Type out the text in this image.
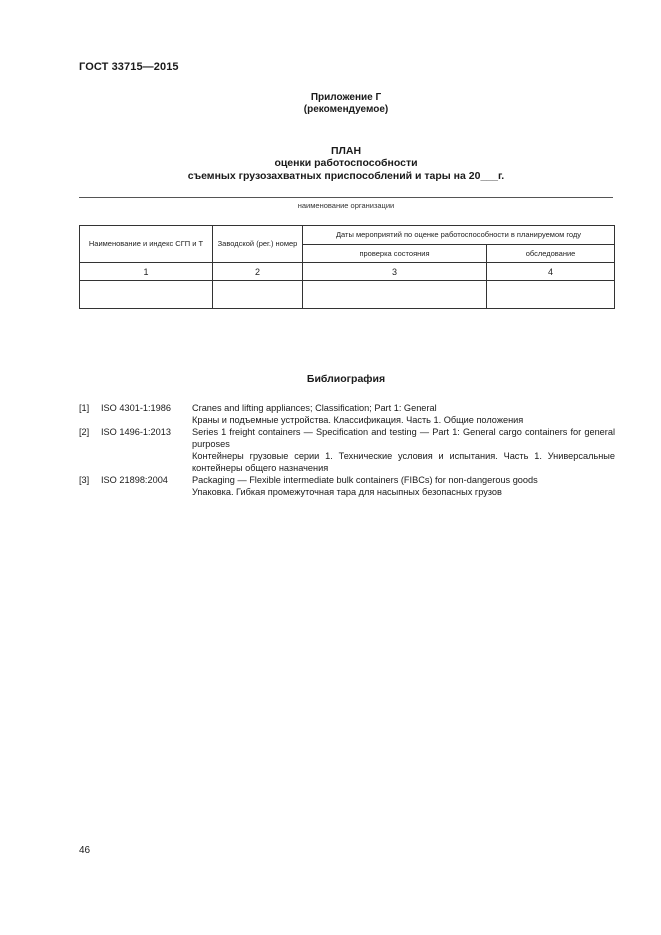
ГОСТ 33715—2015
Приложение Г
(рекомендуемое)
ПЛАН
оценки работоспособности
съемных грузозахватных приспособлений и тары на 20___г.
наименование организации
Наименование и индекс СГП и Т	Заводской (рег.) номер	Даты мероприятий по оценке работоспособности в планируемом году	
		проверка состояния	обследование
1	2	3	4

Библиография
[1] ISO 4301-1:1986 Cranes and lifting appliances; Classification; Part 1: General
Краны и подъемные устройства. Классификация. Часть 1. Общие положения
[2] ISO 1496-1:2013 Series 1 freight containers — Specification and testing — Part 1: General cargo containers for general purposes
Контейнеры грузовые серии 1. Технические условия и испытания. Часть 1. Универсальные контейнеры общего назначения
[3] ISO 21898:2004	Packaging — Flexible intermediate bulk containers (FIBCs) for non-dangerous goods
Упаковка. Гибкая промежуточная тара для насыпных безопасных грузов
46
